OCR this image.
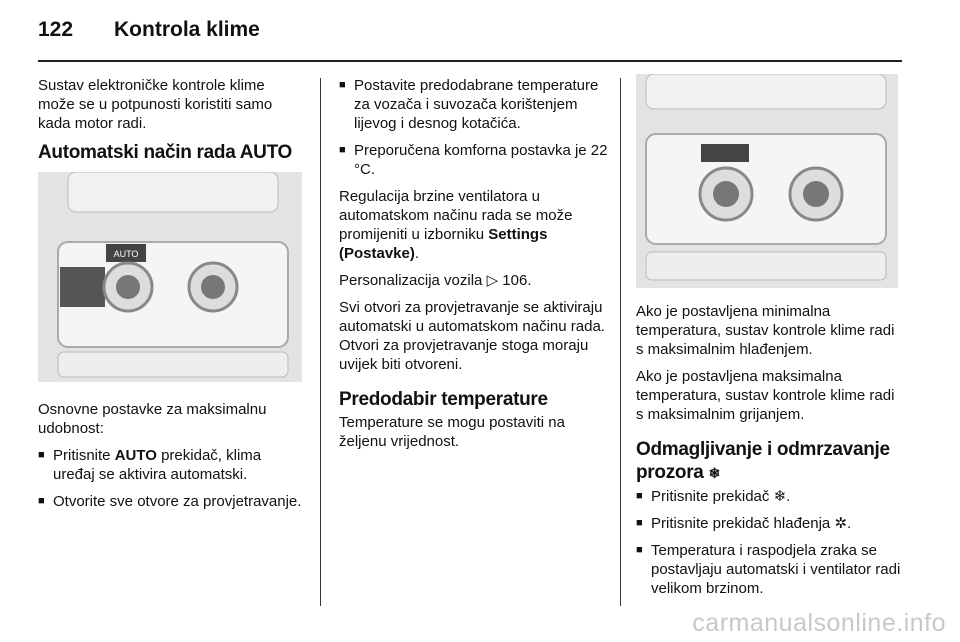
122 Kontrola klime

Sustav elektroničke kontrole klime može se u potpunosti koristiti samo kada motor radi.

Automatski način rada AUTO
AUTO

Osnovne postavke za maksimalnu udobnost:

■ Pritisnite AUTO prekidač, klima uređaj se aktivira automatski.
■ Otvorite sve otvore za provjetravanje.
■ Postavite predodabrane temperature za vozača i suvozača korištenjem lijevog i desnog kotačića.
■ Preporučena komforna postavka je 22 °C.

Regulacija brzine ventilatora u automatskom načinu rada se može promijeniti u izborniku Settings (Postavke).

Personalizacija vozila ▷ 106.

Svi otvori za provjetravanje se aktiviraju automatski u automatskom načinu rada. Otvori za provjetravanje stoga moraju uvijek biti otvoreni.

Predodabir temperature

Temperature se mogu postaviti na željenu vrijednost.

Ako je postavljena minimalna temperatura, sustav kontrole klime radi s maksimalnim hlađenjem.

Ako je postavljena maksimalna temperatura, sustav kontrole klime radi s maksimalnim grijanjem.

Odmagljivanje i odmrzavanje prozora ❄
■ Pritisnite prekidač ❄.
■ Pritisnite prekidač hlađenja ✲.
■ Temperatura i raspodjela zraka se postavljaju automatski i ventilator radi velikom brzinom.
carmanualsonline.info
